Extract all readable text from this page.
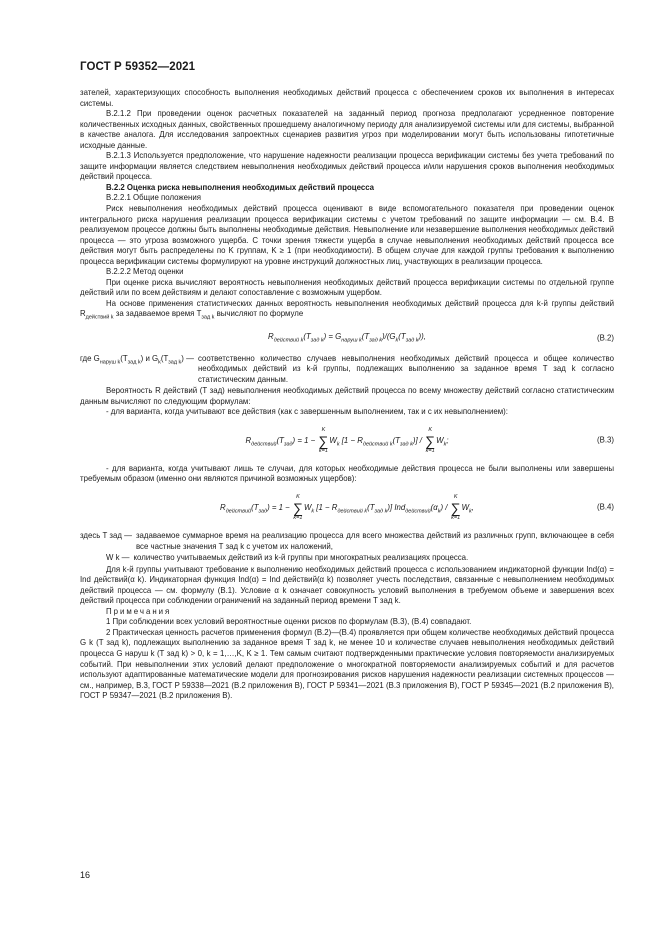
ГОСТ Р 59352—2021

зателей, характеризующих способность выполнения необходимых действий процесса с обеспечением сроков их выполнения в интересах системы.

В.2.1.2 При проведении оценок расчетных показателей на заданный период прогноза предполагают усредненное повторение количественных исходных данных, свойственных прошедшему аналогичному периоду для анализируемой системы или для системы, выбранной в качестве аналога. Для исследования запроектных сценариев развития угроз при моделировании могут быть использованы гипотетичные исходные данные.

В.2.1.3 Используется предположение, что нарушение надежности реализации процесса верификации системы без учета требований по защите информации является следствием невыполнения необходимых действий процесса и/или нарушения сроков выполнения необходимых действий процесса.

В.2.2 Оценка риска невыполнения необходимых действий процесса

В.2.2.1 Общие положения

Риск невыполнения необходимых действий процесса оценивают в виде вспомогательного показателя при проведении оценок интегрального риска нарушения реализации процесса верификации системы с учетом требований по защите информации — см. В.4. В реализуемом процессе должны быть выполнены необходимые действия. Невыполнение или незавершение выполнения необходимых действий процесса — это угроза возможного ущерба. С точки зрения тяжести ущерба в случае невыполнения необходимых действий процесса все действия могут быть распределены по K группам, K ≥ 1 (при необходимости). В общем случае для каждой группы требования к выполнению процесса верификации системы формулируют на уровне инструкций должностных лиц, участвующих в реализации процесса.

В.2.2.2 Метод оценки

При оценке риска вычисляют вероятность невыполнения необходимых действий процесса верификации системы по отдельной группе действий или по всем действиям и делают сопоставление с возможным ущербом.

На основе применения статистических данных вероятность невыполнения необходимых действий процесса для k-й группы действий $R_{действий k}$ за задаваемое время $T_{зад k}$ вычисляют по формуле

$R_{действий k}(T_{зад k}) = G_{наруш k}(T_{зад k})/(G_k(T_{зад k}))$,	(В.2)
где $G_{наруш k}(T_{зад k})$ и $G_k(T_{зад k})$ — соответственно количество случаев невыполнения необходимых действий процесса и общее количество необходимых действий из k-й группы, подлежащих выполнению за заданное время T зад k согласно статистическим данным.

Вероятность R действий (T зад) невыполнения необходимых действий процесса по всему множеству действий согласно статистическим данным вычисляют по следующим формулам:

- для варианта, когда учитывают все действия (как с завершенным выполнением, так и с их невыполнением):

$R_{действий}(T_{зад}) = 1$ −
K
∑
k=1
$W_k$ $[1 - R_{действий k}(T_{зад k})]$ /
K
∑
k=1
$W_k$;	(В.3)

- для варианта, когда учитывают лишь те случаи, для которых необходимые действия процесса не были выполнены или завершены требуемым образом (именно они являются причиной возможных ущербов):

$R_{действий}(T_{зад}) = 1$ −
K
∑
k=1
$W_k$ $[1 - R_{действий k}(T_{зад k})]$ $Ind_{действий}(\alpha_k)$ /
K
∑
k=1
$W_k$,	(В.4)
здесь T зад — задаваемое суммарное время на реализацию процесса для всего множества действий из различных групп, включающее в себя все частные значения T зад k с учетом их наложений,
W k — количество учитываемых действий из k-й группы при многократных реализациях процесса.

Для k-й группы учитывают требование к выполнению необходимых действий процесса с использованием индикаторной функции Ind(α) = Ind действий(α k). Индикаторная функция Ind(α) = Ind действий(α k) позволяет учесть последствия, связанные с невыполнением необходимых действий процесса — см. формулу (В.1). Условие α k означает совокупность условий выполнения в требуемом объеме и завершения всех действий процесса при соблюдении ограничений на заданный период времени T зад k.

Примечания

1 При соблюдении всех условий вероятностные оценки рисков по формулам (В.3), (В.4) совпадают.

2 Практическая ценность расчетов применения формул (В.2)—(В.4) проявляется при общем количестве необходимых действий процесса G k (T зад k), подлежащих выполнению за заданное время T зад k, не менее 10 и количестве случаев невыполнения необходимых действий процесса G наруш k (T зад k) > 0, k = 1,…,K, K ≥ 1. Тем самым считают подтвержденными практические условия повторяемости анализируемых событий. При невыполнении этих условий делают предположение о многократной повторяемости анализируемых событий и для расчетов используют адаптированные математические модели для прогнозирования рисков нарушения надежности реализации системных процессов — см., например, В.3, ГОСТ Р 59338—2021 (В.2 приложения В), ГОСТ Р 59341—2021 (В.3 приложения В), ГОСТ Р 59345—2021 (В.2 приложения В), ГОСТ Р 59347—2021 (В.2 приложения В).

16
